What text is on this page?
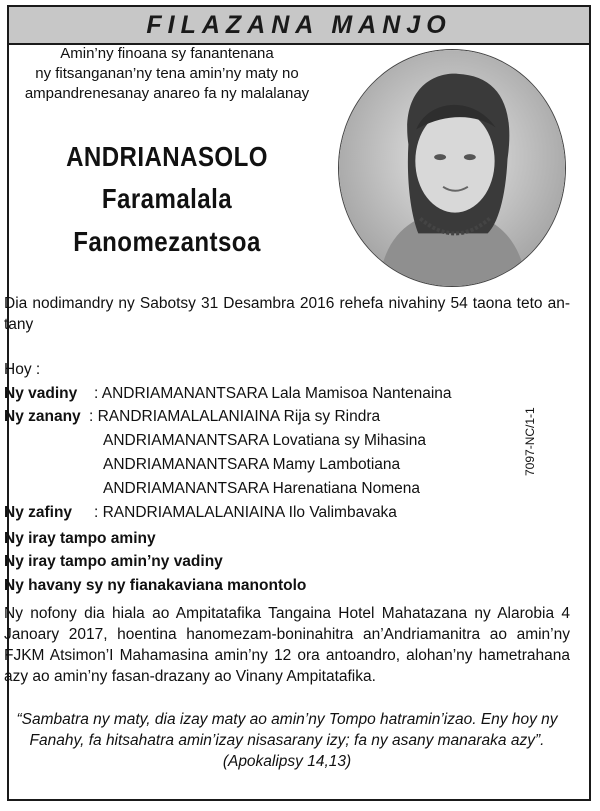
FILAZANA MANJO
Amin’ny finoana sy fanantenana
ny fitsanganan’ny tena amin’ny maty no
ampandrenesanay anareo fa ny malalanay
ANDRIANASOLO
Faramalala
Fanomezantsoa
Dia nodimandry ny Sabotsy 31 Desambra 2016 rehefa nivahiny 54 taona teto an-tany
Hoy :
Ny vadiny : ANDRIAMANANTSARA Lala Mamisoa Nantenaina
Ny zanany : RANDRIAMALALANIAINA Rija sy Rindra
ANDRIAMANANTSARA Lovatiana sy Mihasina
ANDRIAMANANTSARA Mamy Lambotiana
ANDRIAMANANTSARA Harenatiana Nomena
Ny zafiny : RANDRIAMALALANIAINA Ilo Valimbavaka
Ny iray tampo aminy
Ny iray tampo amin’ny vadiny
Ny havany sy ny fianakaviana manontolo
Ny nofony dia hiala ao Ampitatafika Tangaina Hotel Mahatazana ny Alarobia 4 Janoary 2017, hoentina hanomezam-boninahitra an’Andriamanitra ao amin’ny FJKM Atsimon’I Mahamasina amin’ny 12 ora antoandro, alohan’ny hametrahana azy ao amin’ny fasan-drazany ao Vinany Ampitatafika.
“Sambatra ny maty, dia izay maty ao amin’ny Tompo hatramin’izao. Eny hoy ny Fanahy, fa hitsahatra amin’izay nisasarany izy; fa ny asany manaraka azy”.
(Apokalipsy 14,13)
7097-NC/1-1
